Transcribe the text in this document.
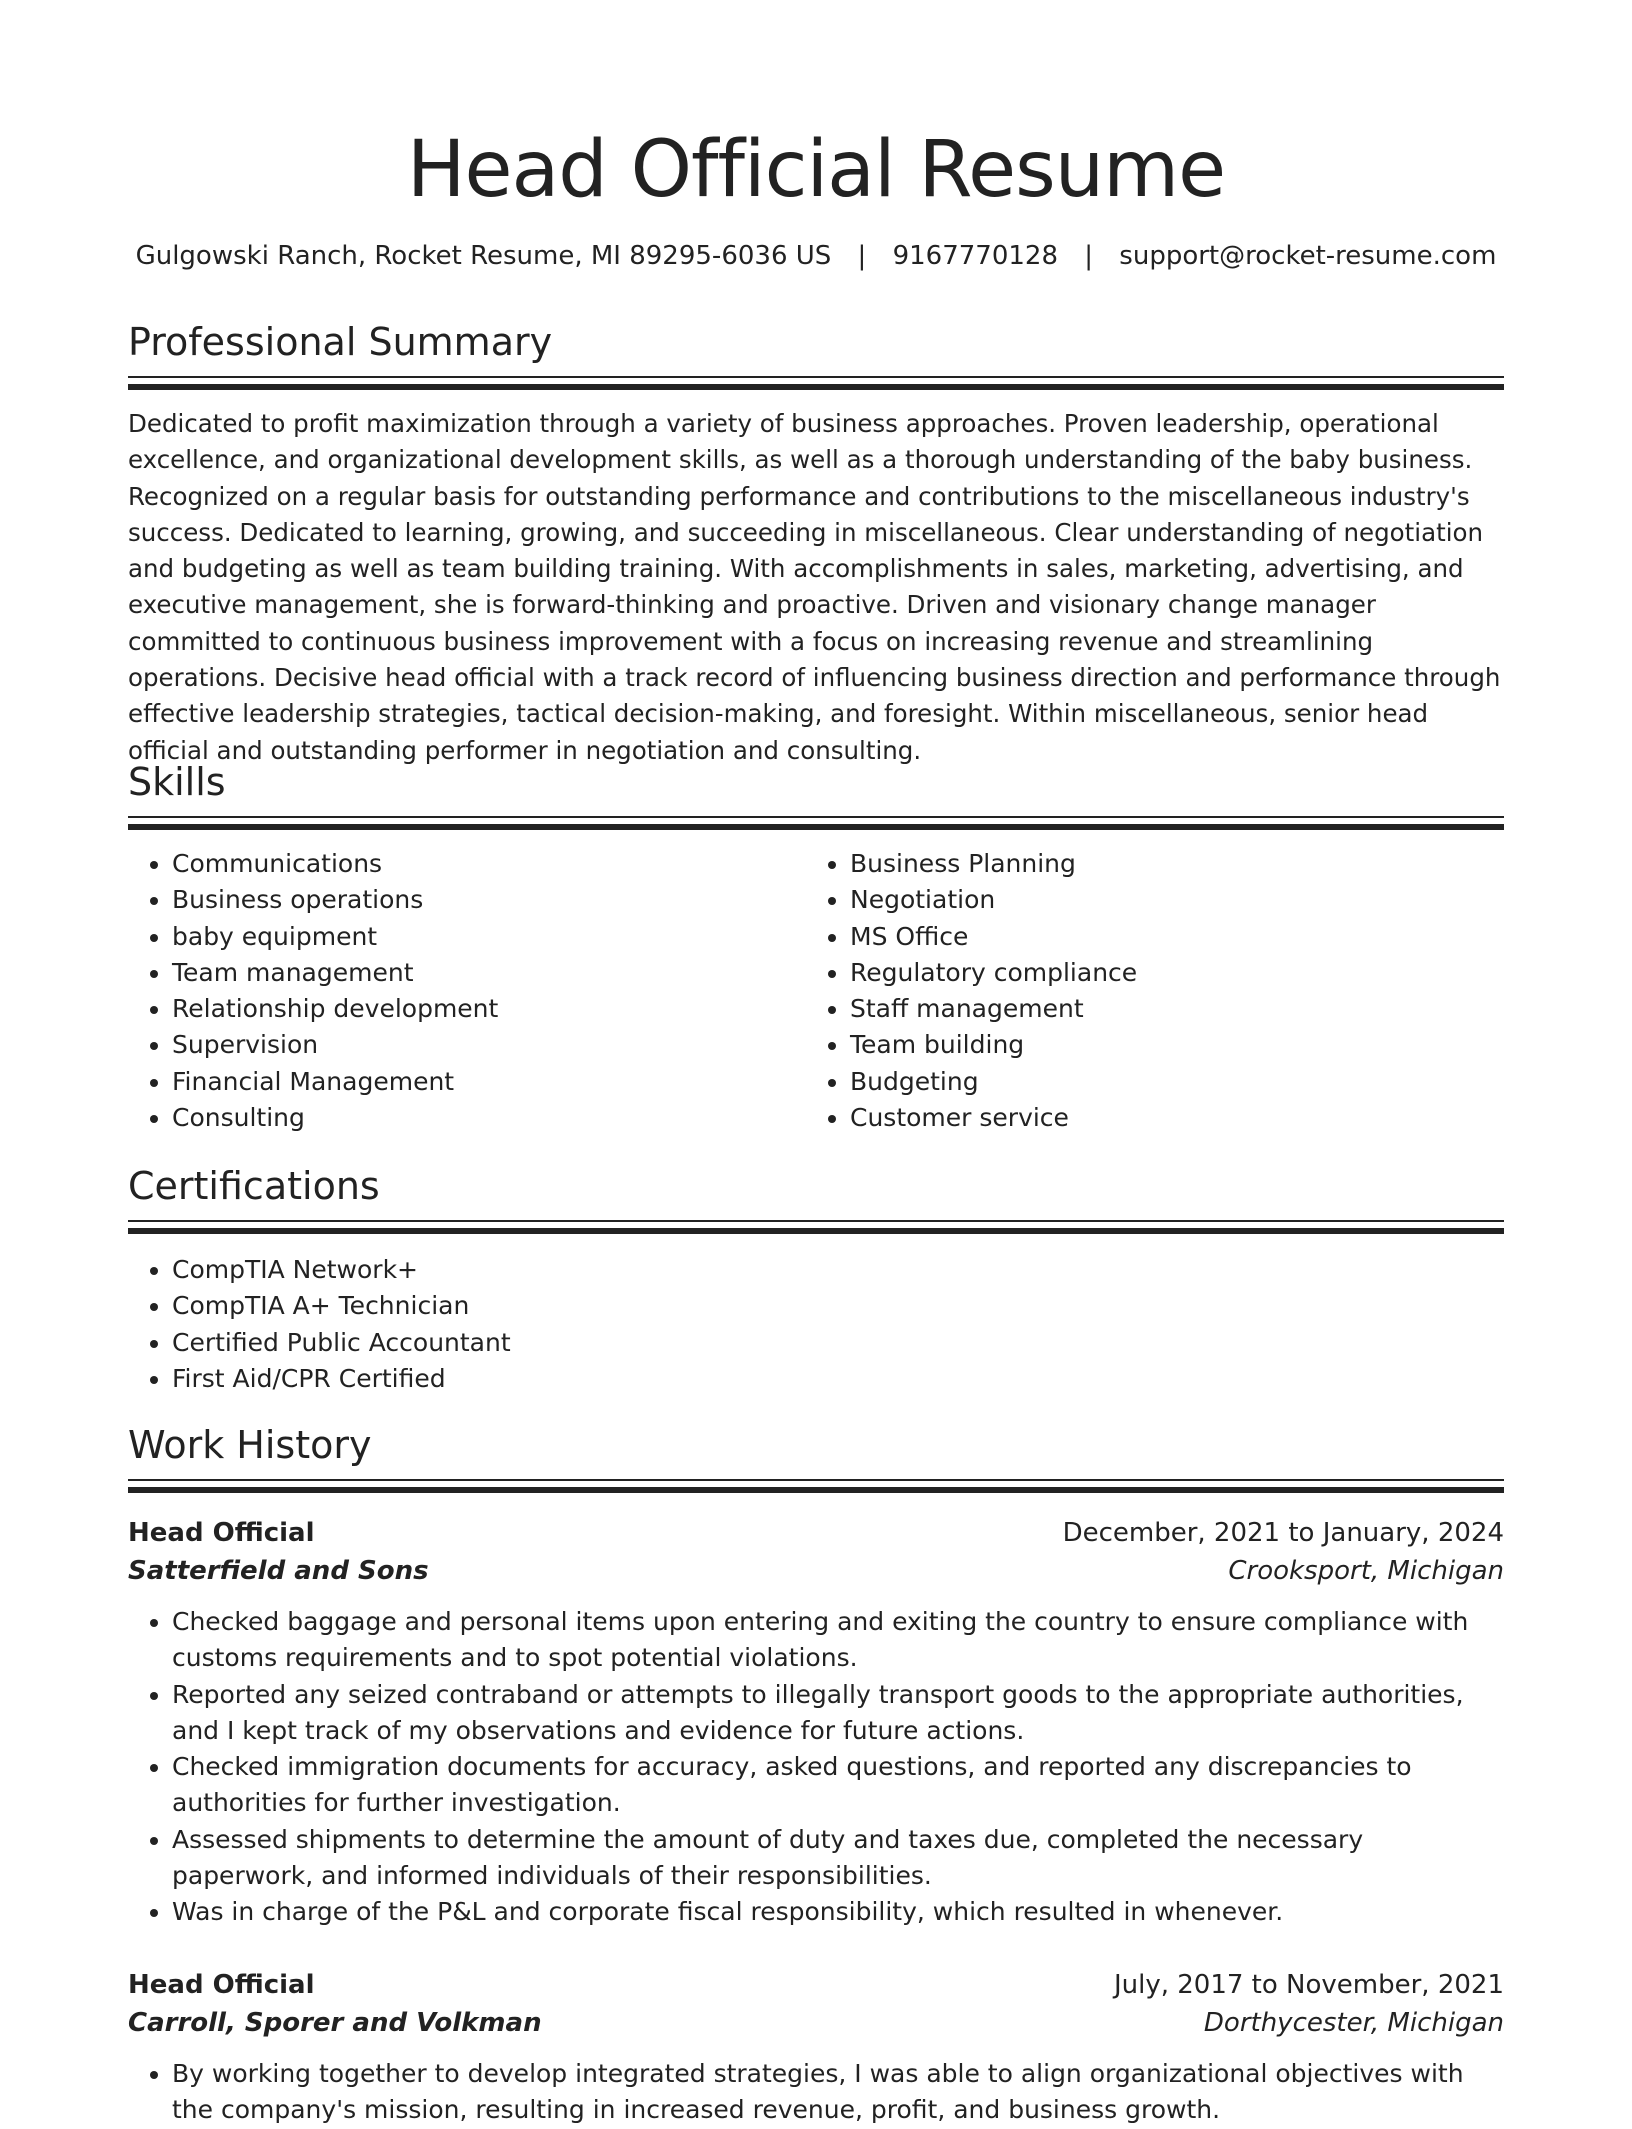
Head Official Resume
Gulgowski Ranch, Rocket Resume, MI 89295-6036 US | 9167770128 | support@rocket-resume.com
Professional Summary

Dedicated to profit maximization through a variety of business approaches. Proven leadership, operational excellence, and organizational development skills, as well as a thorough understanding of the baby business. Recognized on a regular basis for outstanding performance and contributions to the miscellaneous industry's success. Dedicated to learning, growing, and succeeding in miscellaneous. Clear understanding of negotiation and budgeting as well as team building training. With accomplishments in sales, marketing, advertising, and executive management, she is forward-thinking and proactive. Driven and visionary change manager committed to continuous business improvement with a focus on increasing revenue and streamlining operations. Decisive head official with a track record of influencing business direction and performance through effective leadership strategies, tactical decision-making, and foresight. Within miscellaneous, senior head official and outstanding performer in negotiation and consulting.

Skills
• Communications
• Business operations
• baby equipment
• Team management
• Relationship development
• Supervision
• Financial Management
• Consulting
• Business Planning
• Negotiation
• MS Office
• Regulatory compliance
• Staff management
• Team building
• Budgeting
• Customer service
Certifications
• CompTIA Network+
• CompTIA A+ Technician
• Certified Public Accountant
• First Aid/CPR Certified
Work History
Head Official	December, 2021 to January, 2024
Satterfield and Sons	Crooksport, Michigan
• Checked baggage and personal items upon entering and exiting the country to ensure compliance with customs requirements and to spot potential violations.
• Reported any seized contraband or attempts to illegally transport goods to the appropriate authorities, and I kept track of my observations and evidence for future actions.
• Checked immigration documents for accuracy, asked questions, and reported any discrepancies to authorities for further investigation.
• Assessed shipments to determine the amount of duty and taxes due, completed the necessary paperwork, and informed individuals of their responsibilities.
• Was in charge of the P&L and corporate fiscal responsibility, which resulted in whenever.
Head Official	July, 2017 to November, 2021
Carroll, Sporer and Volkman	Dorthycester, Michigan
• By working together to develop integrated strategies, I was able to align organizational objectives with the company's mission, resulting in increased revenue, profit, and business growth.
